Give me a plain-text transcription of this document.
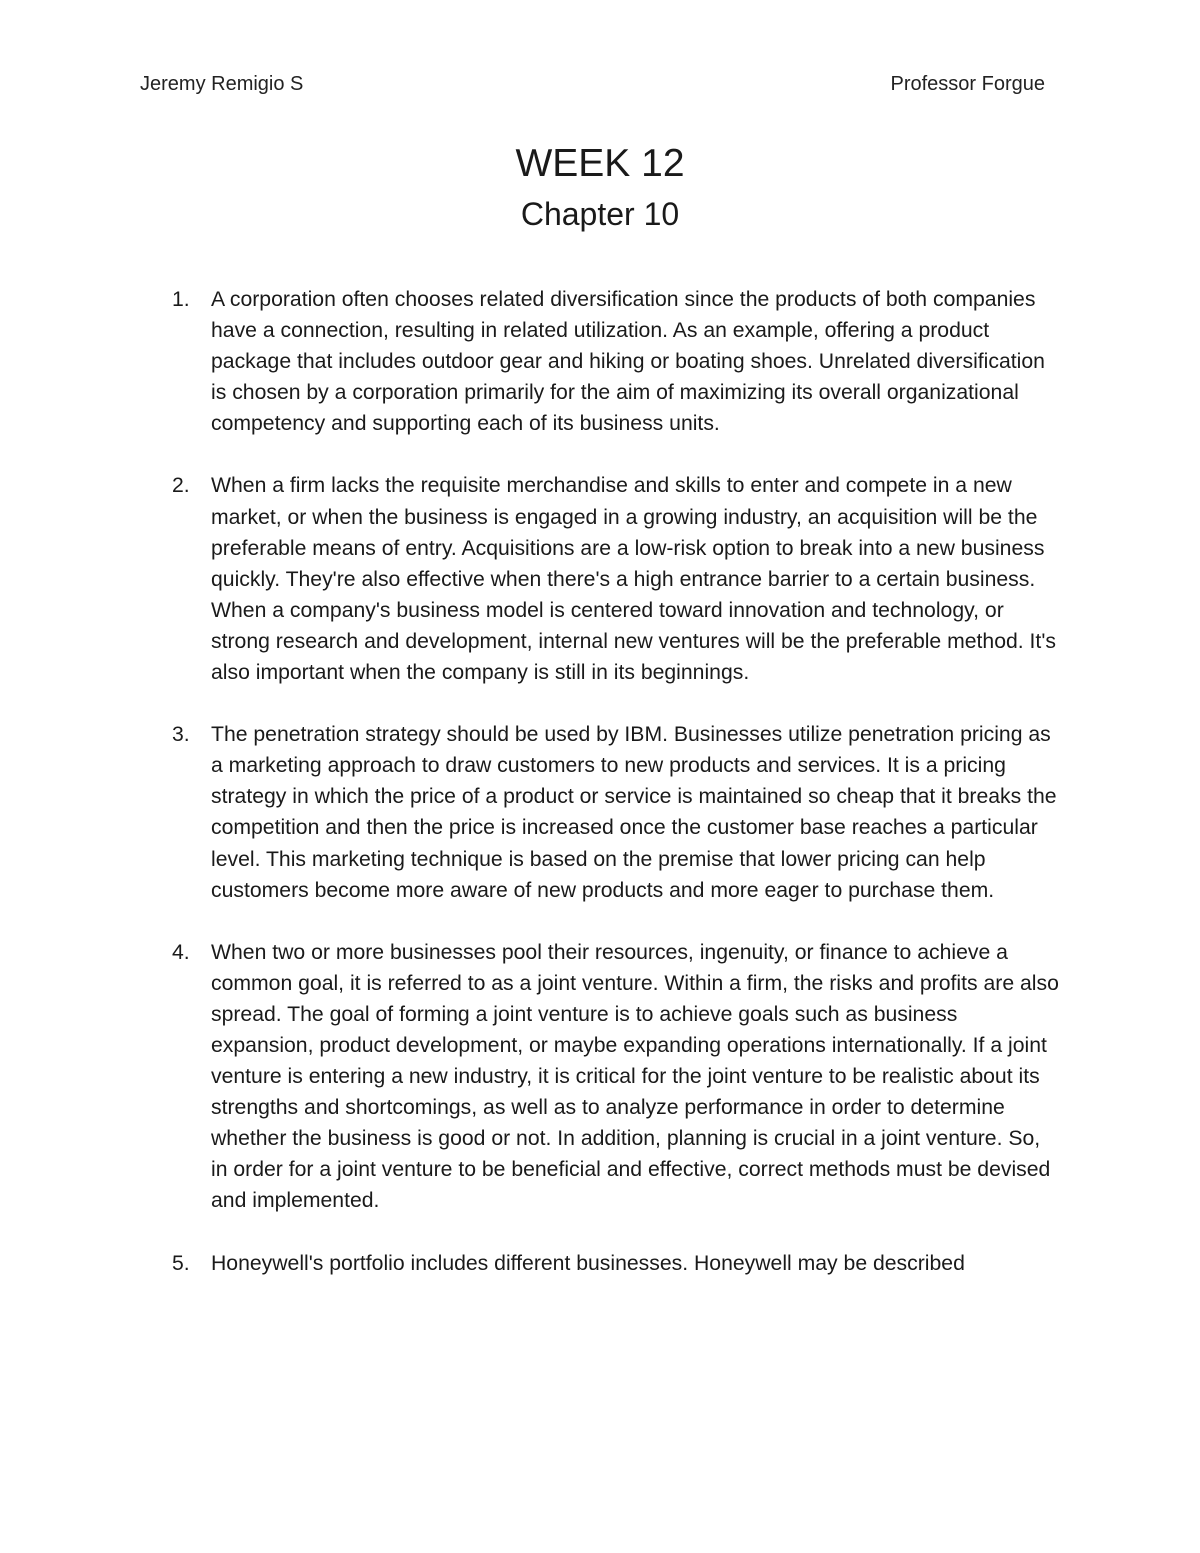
Jeremy Remigio S	Professor Forgue
WEEK 12
Chapter 10
1. A corporation often chooses related diversification since the products of both companies have a connection, resulting in related utilization. As an example, offering a product package that includes outdoor gear and hiking or boating shoes. Unrelated diversification is chosen by a corporation primarily for the aim of maximizing its overall organizational competency and supporting each of its business units.
2. When a firm lacks the requisite merchandise and skills to enter and compete in a new market, or when the business is engaged in a growing industry, an acquisition will be the preferable means of entry. Acquisitions are a low-risk option to break into a new business quickly. They're also effective when there's a high entrance barrier to a certain business. When a company's business model is centered toward innovation and technology, or strong research and development, internal new ventures will be the preferable method. It's also important when the company is still in its beginnings.
3. The penetration strategy should be used by IBM. Businesses utilize penetration pricing as a marketing approach to draw customers to new products and services. It is a pricing strategy in which the price of a product or service is maintained so cheap that it breaks the competition and then the price is increased once the customer base reaches a particular level. This marketing technique is based on the premise that lower pricing can help customers become more aware of new products and more eager to purchase them.
4. When two or more businesses pool their resources, ingenuity, or finance to achieve a common goal, it is referred to as a joint venture. Within a firm, the risks and profits are also spread. The goal of forming a joint venture is to achieve goals such as business expansion, product development, or maybe expanding operations internationally. If a joint venture is entering a new industry, it is critical for the joint venture to be realistic about its strengths and shortcomings, as well as to analyze performance in order to determine whether the business is good or not. In addition, planning is crucial in a joint venture. So, in order for a joint venture to be beneficial and effective, correct methods must be devised and implemented.
5. Honeywell's portfolio includes different businesses. Honeywell may be described
